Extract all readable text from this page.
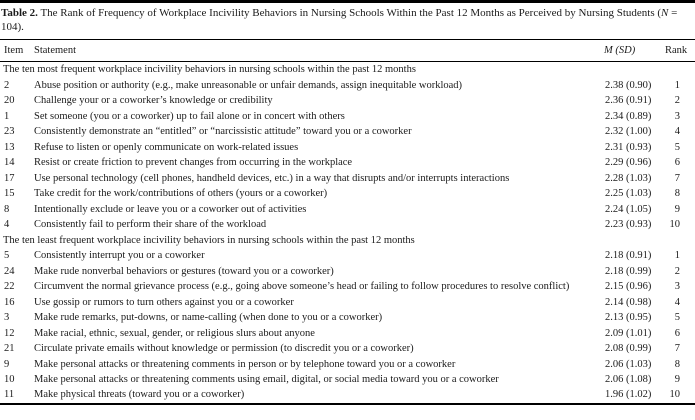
Table 2. The Rank of Frequency of Workplace Incivility Behaviors in Nursing Schools Within the Past 12 Months as Perceived by Nursing Students (N = 104).

Item	Statement	M (SD)	Rank
The ten most frequent workplace incivility behaviors in nursing schools within the past 12 months			
2	Abuse position or authority (e.g., make unreasonable or unfair demands, assign inequitable workload)	2.38 (0.90)	1
20	Challenge your or a coworker’s knowledge or credibility	2.36 (0.91)	2
1	Set someone (you or a coworker) up to fail alone or in concert with others	2.34 (0.89)	3
23	Consistently demonstrate an “entitled” or “narcissistic attitude” toward you or a coworker	2.32 (1.00)	4
13	Refuse to listen or openly communicate on work-related issues	2.31 (0.93)	5
14	Resist or create friction to prevent changes from occurring in the workplace	2.29 (0.96)	6
17	Use personal technology (cell phones, handheld devices, etc.) in a way that disrupts and/or interrupts interactions	2.28 (1.03)	7
15	Take credit for the work/contributions of others (yours or a coworker)	2.25 (1.03)	8
8	Intentionally exclude or leave you or a coworker out of activities	2.24 (1.05)	9
4	Consistently fail to perform their share of the workload	2.23 (0.93)	10
The ten least frequent workplace incivility behaviors in nursing schools within the past 12 months			
5	Consistently interrupt you or a coworker	2.18 (0.91)	1
24	Make rude nonverbal behaviors or gestures (toward you or a coworker)	2.18 (0.99)	2
22	Circumvent the normal grievance process (e.g., going above someone’s head or failing to follow procedures to resolve conflict)	2.15 (0.96)	3
16	Use gossip or rumors to turn others against you or a coworker	2.14 (0.98)	4
3	Make rude remarks, put-downs, or name-calling (when done to you or a coworker)	2.13 (0.95)	5
12	Make racial, ethnic, sexual, gender, or religious slurs about anyone	2.09 (1.01)	6
21	Circulate private emails without knowledge or permission (to discredit you or a coworker)	2.08 (0.99)	7
9	Make personal attacks or threatening comments in person or by telephone toward you or a coworker	2.06 (1.03)	8
10	Make personal attacks or threatening comments using email, digital, or social media toward you or a coworker	2.06 (1.08)	9
11	Make physical threats (toward you or a coworker)	1.96 (1.02)	10
